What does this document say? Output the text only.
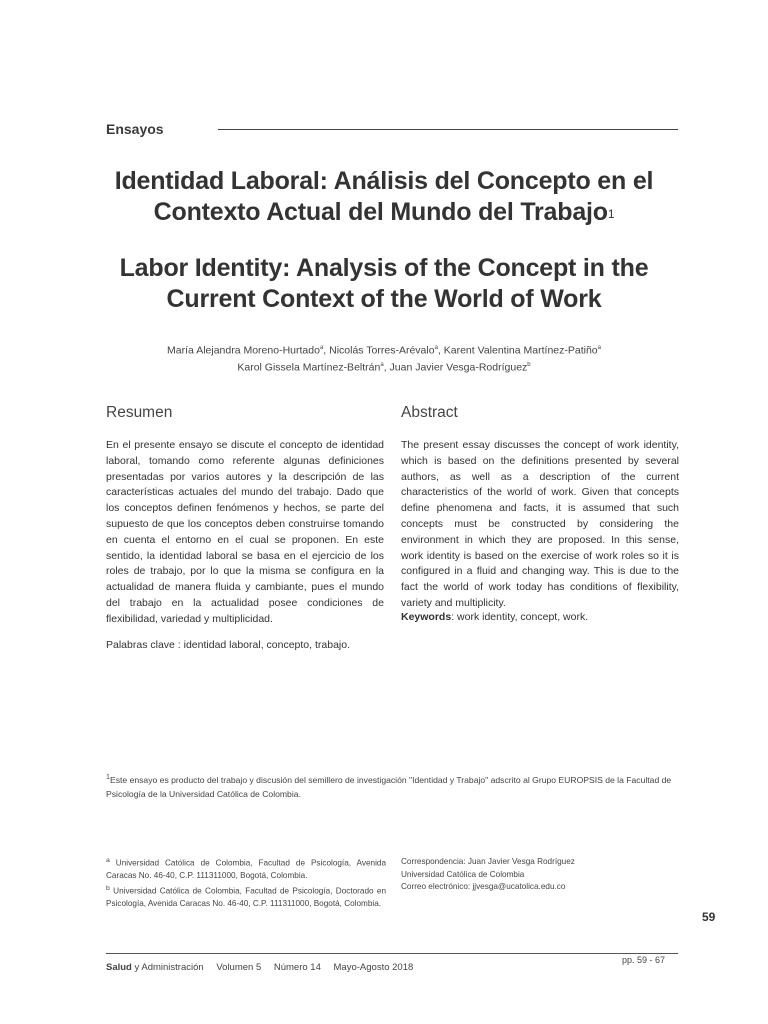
Ensayos
Identidad Laboral: Análisis del Concepto en el Contexto Actual del Mundo del Trabajo$^1$
Labor Identity: Analysis of the Concept in the Current Context of the World of Work
María Alejandra Moreno-Hurtado$^a$, Nicolás Torres-Arévalo$^a$, Karent Valentina Martínez-Patiño$^a$
Karol Gissela Martínez-Beltrán$^a$, Juan Javier Vesga-Rodríguez$^b$
Resumen
En el presente ensayo se discute el concepto de identidad laboral, tomando como referente algunas definiciones presentadas por varios autores y la descripción de las características actuales del mundo del trabajo. Dado que los conceptos definen fenómenos y hechos, se parte del supuesto de que los conceptos deben construirse tomando en cuenta el entorno en el cual se proponen. En este sentido, la identidad laboral se basa en el ejercicio de los roles de trabajo, por lo que la misma se configura en la actualidad de manera fluida y cambiante, pues el mundo del trabajo en la actualidad posee condiciones de flexibilidad, variedad y multiplicidad.
Palabras clave : identidad laboral, concepto, trabajo.
Abstract
The present essay discusses the concept of work identity, which is based on the definitions presented by several authors, as well as a description of the current characteristics of the world of work. Given that concepts define phenomena and facts, it is assumed that such concepts must be constructed by considering the environment in which they are proposed. In this sense, work identity is based on the exercise of work roles so it is configured in a fluid and changing way. This is due to the fact the world of work today has conditions of flexibility, variety and multiplicity.
Keywords: work identity, concept, work.
$^1$Este ensayo es producto del trabajo y discusión del semillero de investigación "Identidad y Trabajo" adscrito al Grupo EUROPSIS de la Facultad de Psicología de la Universidad Católica de Colombia.
$^a$ Universidad Católica de Colombia, Facultad de Psicología, Avenida Caracas No. 46-40, C.P. 111311000, Bogotá, Colombia.
$^b$ Universidad Católica de Colombia, Facultad de Psicología, Doctorado en Psicología, Avenida Caracas No. 46-40, C.P. 111311000, Bogotá, Colombia.
Correspondencia: Juan Javier Vesga Rodríguez
Universidad Católica de Colombia
Correo electrónico: jjvesga@ucatolica.edu.co
59
pp. 59 - 67
Salud y Administración Volumen 5 Número 14 Mayo-Agosto 2018
